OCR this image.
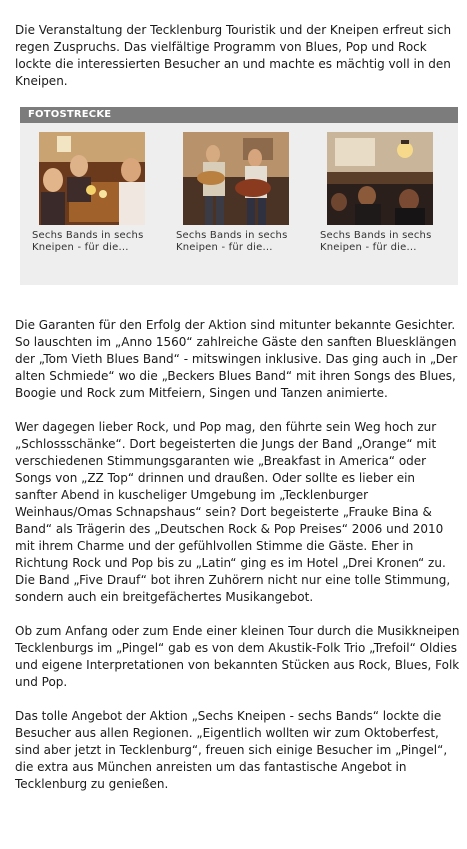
Die Veranstaltung der Tecklenburg Touristik und der Kneipen erfreut sich regen Zuspruchs. Das vielfältige Programm von Blues, Pop und Rock lockte die interessierten Besucher an und machte es mächtig voll in den Kneipen.

FOTOSTRECKE
Sechs Bands in sechs Kneipen - für die...
Sechs Bands in sechs Kneipen - für die...
Sechs Bands in sechs Kneipen - für die...

Die Garanten für den Erfolg der Aktion sind mitunter bekannte Gesichter. So lauschten im „Anno 1560“ zahlreiche Gäste den sanften Bluesklängen der „Tom Vieth Blues Band“ - mitswingen inklusive. Das ging auch in „Der alten Schmiede“ wo die „Beckers Blues Band“ mit ihren Songs des Blues, Boogie und Rock zum Mitfeiern, Singen und Tanzen animierte.

Wer dagegen lieber Rock, und Pop mag, den führte sein Weg hoch zur „Schlossschänke“. Dort begeisterten die Jungs der Band „Orange“ mit verschiedenen Stimmungsgaranten wie „Breakfast in America“ oder Songs von „ZZ Top“ drinnen und draußen. Oder sollte es lieber ein sanfter Abend in kuscheliger Umgebung im „Tecklenburger Weinhaus/Omas Schnapshaus“ sein? Dort begeisterte „Frauke Bina & Band“ als Trägerin des „Deutschen Rock & Pop Preises“ 2006 und 2010 mit ihrem Charme und der gefühlvollen Stimme die Gäste. Eher in Richtung Rock und Pop bis zu „Latin“ ging es im Hotel „Drei Kronen“ zu. Die Band „Five Drauf“ bot ihren Zuhörern nicht nur eine tolle Stimmung, sondern auch ein breitgefächertes Musikangebot.

Ob zum Anfang oder zum Ende einer kleinen Tour durch die Musikkneipen Tecklenburgs im „Pingel“ gab es von dem Akustik-Folk Trio „Trefoil“ Oldies und eigene Interpretationen von bekannten Stücken aus Rock, Blues, Folk und Pop.

Das tolle Angebot der Aktion „Sechs Kneipen - sechs Bands“ lockte die Besucher aus allen Regionen. „Eigentlich wollten wir zum Oktoberfest, sind aber jetzt in Tecklenburg“, freuen sich einige Besucher im „Pingel“, die extra aus München anreisten um das fantastische Angebot in Tecklenburg zu genießen.
